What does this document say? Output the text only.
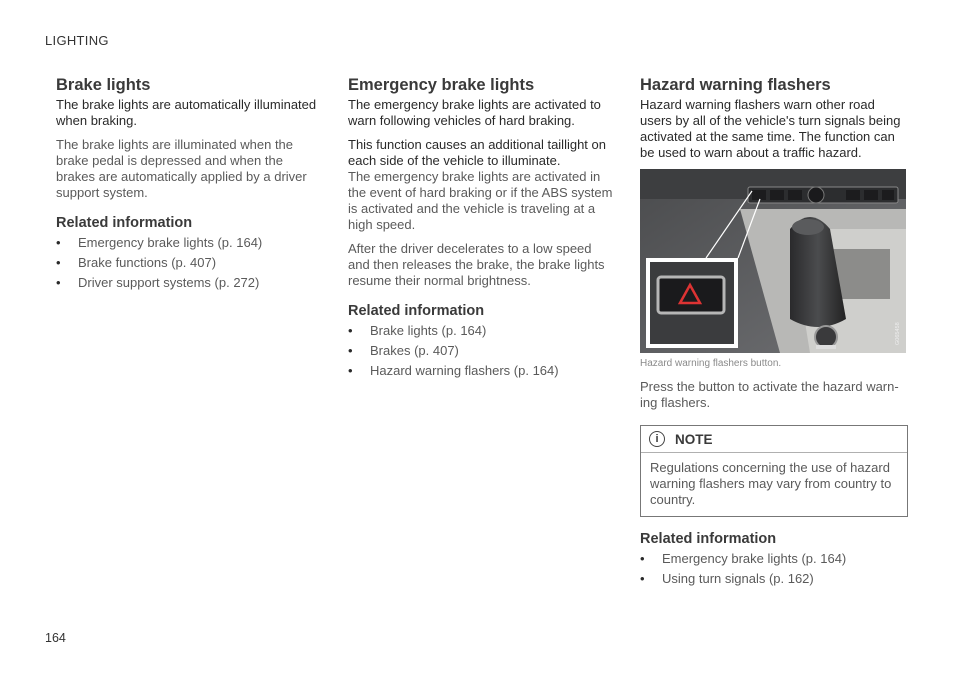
LIGHTING
Brake lights

The brake lights are automatically illuminated when braking.

The brake lights are illuminated when the brake pedal is depressed and when the brakes are automatically applied by a driver support system.

Related information
• Emergency brake lights (p. 164)
• Brake functions (p. 407)
• Driver support systems (p. 272)
Emergency brake lights

The emergency brake lights are activated to warn following vehicles of hard braking.

This function causes an additional taillight on each side of the vehicle to illuminate.

The emergency brake lights are activated in the event of hard braking or if the ABS system is activated and the vehicle is traveling at a high speed.

After the driver decelerates to a low speed and then releases the brake, the brake lights resume their normal brightness.

Related information
• Brake lights (p. 164)
• Brakes (p. 407)
• Hazard warning flashers (p. 164)
Hazard warning flashers

Hazard warning flashers warn other road users by all of the vehicle's turn signals being activated at the same time. The function can be used to warn about a traffic hazard.

G065458
Hazard warning flashers button.

Press the button to activate the hazard warn-ing flashers.

i	NOTE
Regulations concerning the use of hazard warning flashers may vary from country to country.
Related information
• Emergency brake lights (p. 164)
• Using turn signals (p. 162)
164
